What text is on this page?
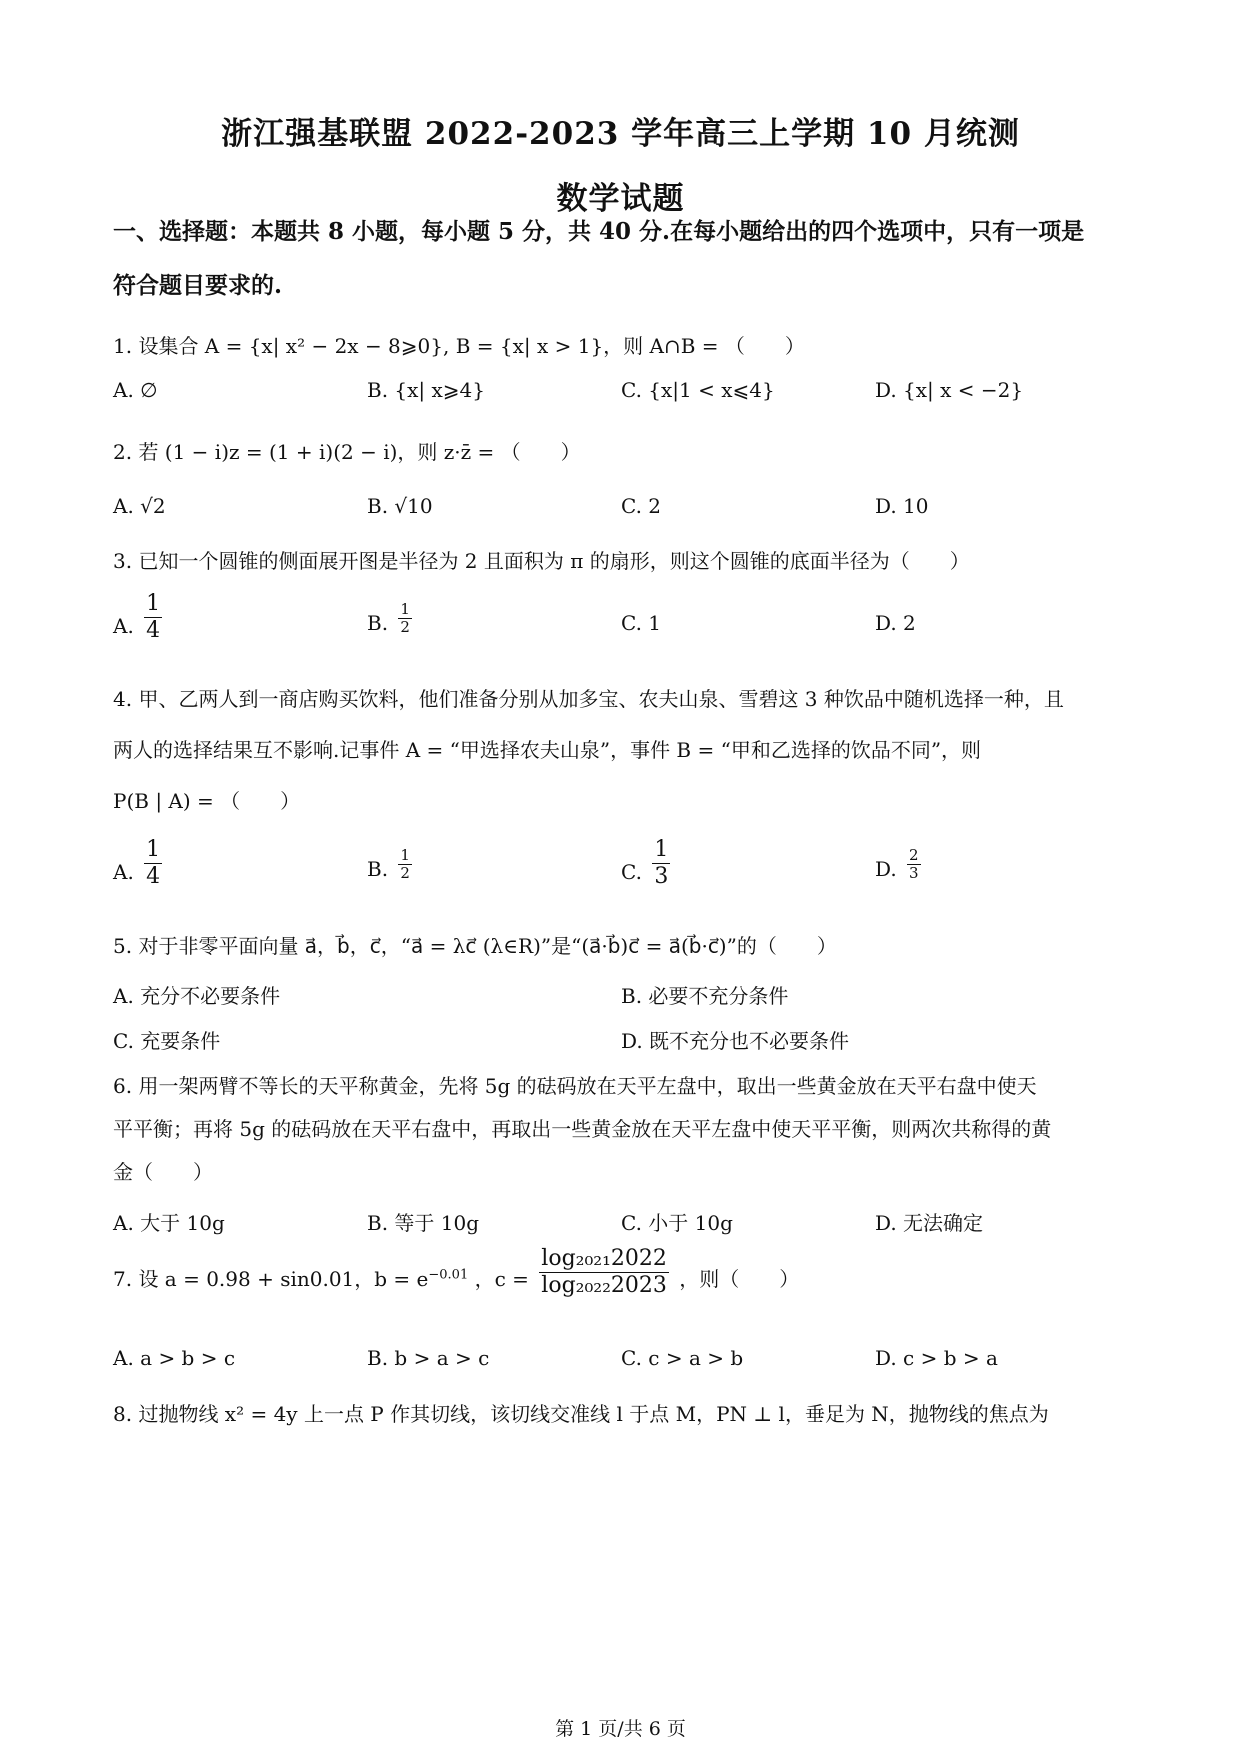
浙江强基联盟 2022-2023 学年高三上学期 10 月统测
数学试题
一、选择题：本题共 8 小题，每小题 5 分，共 40 分.在每小题给出的四个选项中，只有一项是
符合题目要求的.
1. 设集合 A = {x| x² − 2x − 8⩾0}, B = {x| x > 1}，则 A∩B = （　　）
A. ∅	B. {x| x⩾4}	C. {x|1 < x⩽4}	D. {x| x < −2}
2. 若 (1 − i)z = (1 + i)(2 − i)，则 z·z̄ = （　　）
A. √2	B. √10	C. 2	D. 10
3. 已知一个圆锥的侧面展开图是半径为 2 且面积为 π 的扇形，则这个圆锥的底面半径为（　　）
A. $\frac{1}{4}$	B. $\frac{1}{2}$	C. 1	D. 2
4. 甲、乙两人到一商店购买饮料，他们准备分别从加多宝、农夫山泉、雪碧这 3 种饮品中随机选择一种，且
两人的选择结果互不影响.记事件 A = “甲选择农夫山泉”，事件 B = “甲和乙选择的饮品不同”，则
P(B | A) = （　　）
A. $\frac{1}{4}$	B. $\frac{1}{2}$	C. $\frac{1}{3}$	D. $\frac{2}{3}$
5. 对于非零平面向量 a⃗，b⃗，c⃗，“a⃗ = λc⃗ (λ∈R)”是“(a⃗·b⃗)c⃗ = a⃗(b⃗·c⃗)”的（　　）
A. 充分不必要条件	B. 必要不充分条件
C. 充要条件	D. 既不充分也不必要条件
6. 用一架两臂不等长的天平称黄金，先将 5g 的砝码放在天平左盘中，取出一些黄金放在天平右盘中使天
平平衡；再将 5g 的砝码放在天平右盘中，再取出一些黄金放在天平左盘中使天平平衡，则两次共称得的黄
金（　　）
A. 大于 10g	B. 等于 10g	C. 小于 10g	D. 无法确定
7. 设 a = 0.98 + sin0.01，$b = e^{-0.01}$ ，$c = \frac{\text{log₂₀₂₁2022}}{\text{log₂₀₂₂2023}}$ ，则（　　）
A. a > b > c	B. b > a > c	C. c > a > b	D. c > b > a
8. 过抛物线 x² = 4y 上一点 P 作其切线，该切线交准线 l 于点 M，PN ⊥ l，垂足为 N，抛物线的焦点为
第 1 页/共 6 页
